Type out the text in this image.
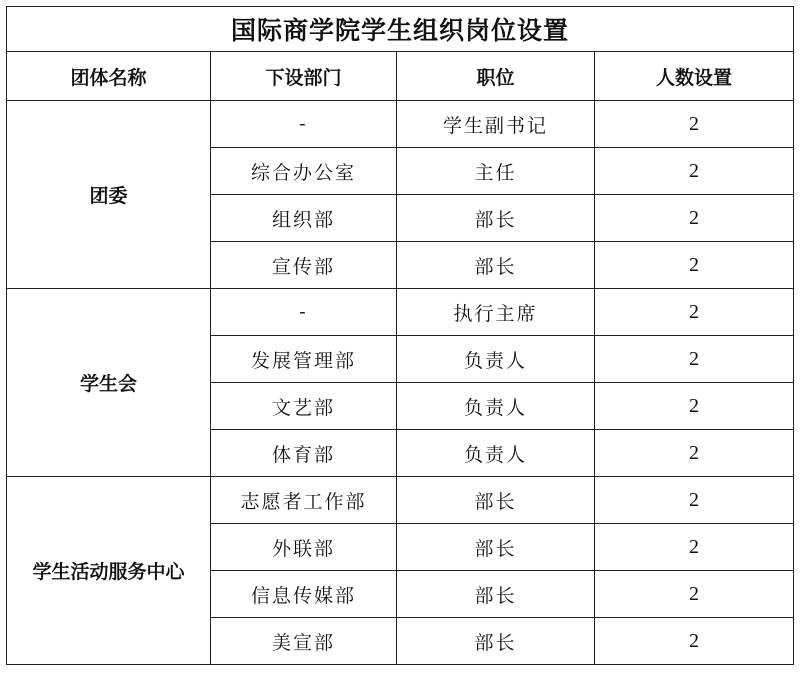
国际商学院学生组织岗位设置			
团体名称	下设部门	职位	人数设置
团委	-	学生副书记	2
	综合办公室	主任	2
	组织部	部长	2
	宣传部	部长	2
学生会	-	执行主席	2
	发展管理部	负责人	2
	文艺部	负责人	2
	体育部	负责人	2
学生活动服务中心	志愿者工作部	部长	2
	外联部	部长	2
	信息传媒部	部长	2
	美宣部	部长	2
